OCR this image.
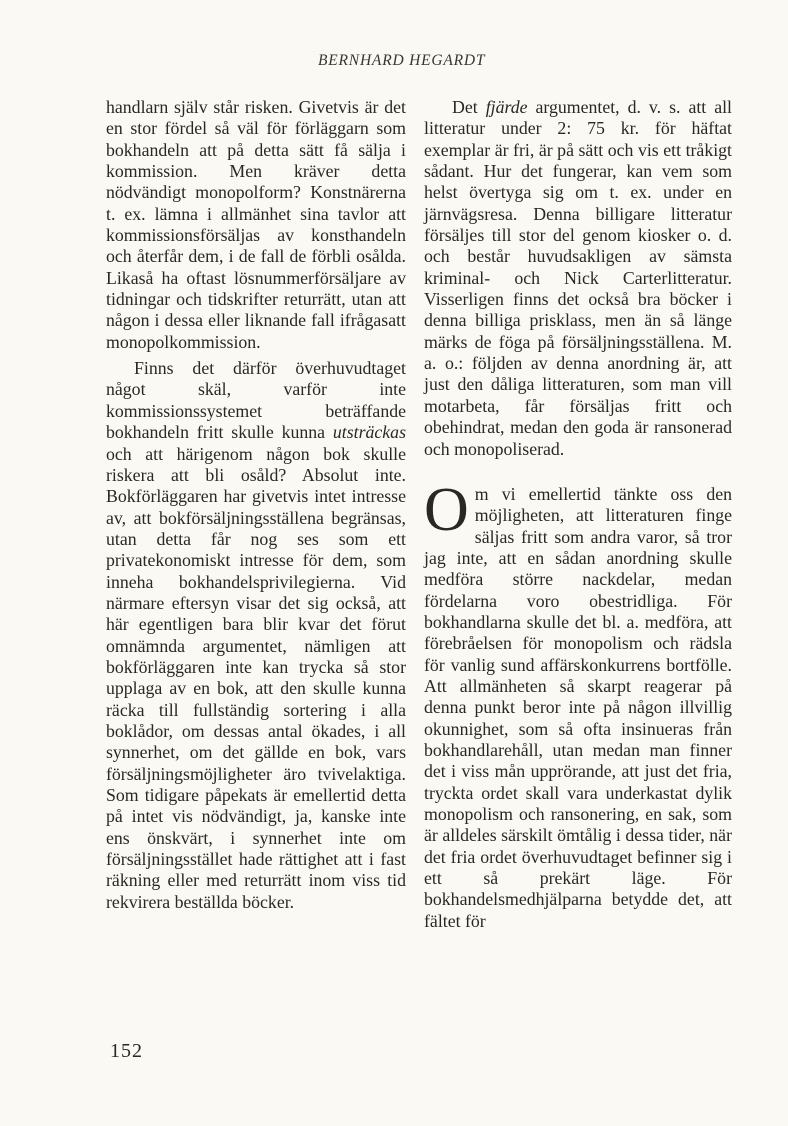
BERNHARD HEGARDT

handlarn själv står risken. Givetvis är det en stor fördel så väl för förläggarn som bokhandeln att på detta sätt få sälja i kommission. Men kräver detta nödvändigt monopolform? Konstnärerna t. ex. lämna i allmänhet sina tavlor att kommissionsförsäljas av konsthandeln och återfår dem, i de fall de förbli osålda. Likaså ha oftast lösnummerförsäljare av tidningar och tidskrifter returrätt, utan att någon i dessa eller liknande fall ifrågasatt monopolkommission.

Finns det därför överhuvudtaget något skäl, varför inte kommissionssystemet beträffande bokhandeln fritt skulle kunna utsträckas och att härigenom någon bok skulle riskera att bli osåld? Absolut inte. Bokförläggaren har givetvis intet intresse av, att bokförsäljningsställena begränsas, utan detta får nog ses som ett privatekonomiskt intresse för dem, som inneha bokhandelsprivilegierna. Vid närmare eftersyn visar det sig också, att här egentligen bara blir kvar det förut omnämnda argumentet, nämligen att bokförläggaren inte kan trycka så stor upplaga av en bok, att den skulle kunna räcka till fullständig sortering i alla boklådor, om dessas antal ökades, i all synnerhet, om det gällde en bok, vars försäljningsmöjligheter äro tvivelaktiga. Som tidigare påpekats är emellertid detta på intet vis nödvändigt, ja, kanske inte ens önskvärt, i synnerhet inte om försäljningsstället hade rättighet att i fast räkning eller med returrätt inom viss tid rekvirera beställda böcker.

Det fjärde argumentet, d. v. s. att all litteratur under 2: 75 kr. för häftat exemplar är fri, är på sätt och vis ett tråkigt sådant. Hur det fungerar, kan vem som helst övertyga sig om t. ex. under en järnvägsresa. Denna billigare litteratur försäljes till stor del genom kiosker o. d. och består huvudsakligen av sämsta kriminal- och Nick Carterlitteratur. Visserligen finns det också bra böcker i denna billiga prisklass, men än så länge märks de föga på försäljningsställena. M. a. o.: följden av denna anordning är, att just den dåliga litteraturen, som man vill motarbeta, får försäljas fritt och obehindrat, medan den goda är ransonerad och monopoliserad.

Om vi emellertid tänkte oss den möjligheten, att litteraturen finge säljas fritt som andra varor, så tror jag inte, att en sådan anordning skulle medföra större nackdelar, medan fördelarna voro obestridliga. För bokhandlarna skulle det bl. a. medföra, att förebråelsen för monopolism och rädsla för vanlig sund affärskonkurrens bortfölle. Att allmänheten så skarpt reagerar på denna punkt beror inte på någon illvillig okunnighet, som så ofta insinueras från bokhandlarehåll, utan medan man finner det i viss mån upprörande, att just det fria, tryckta ordet skall vara underkastat dylik monopolism och ransonering, en sak, som är alldeles särskilt ömtålig i dessa tider, när det fria ordet överhuvudtaget befinner sig i ett så prekärt läge. För bokhandelsmedhjälparna betydde det, att fältet för

152
